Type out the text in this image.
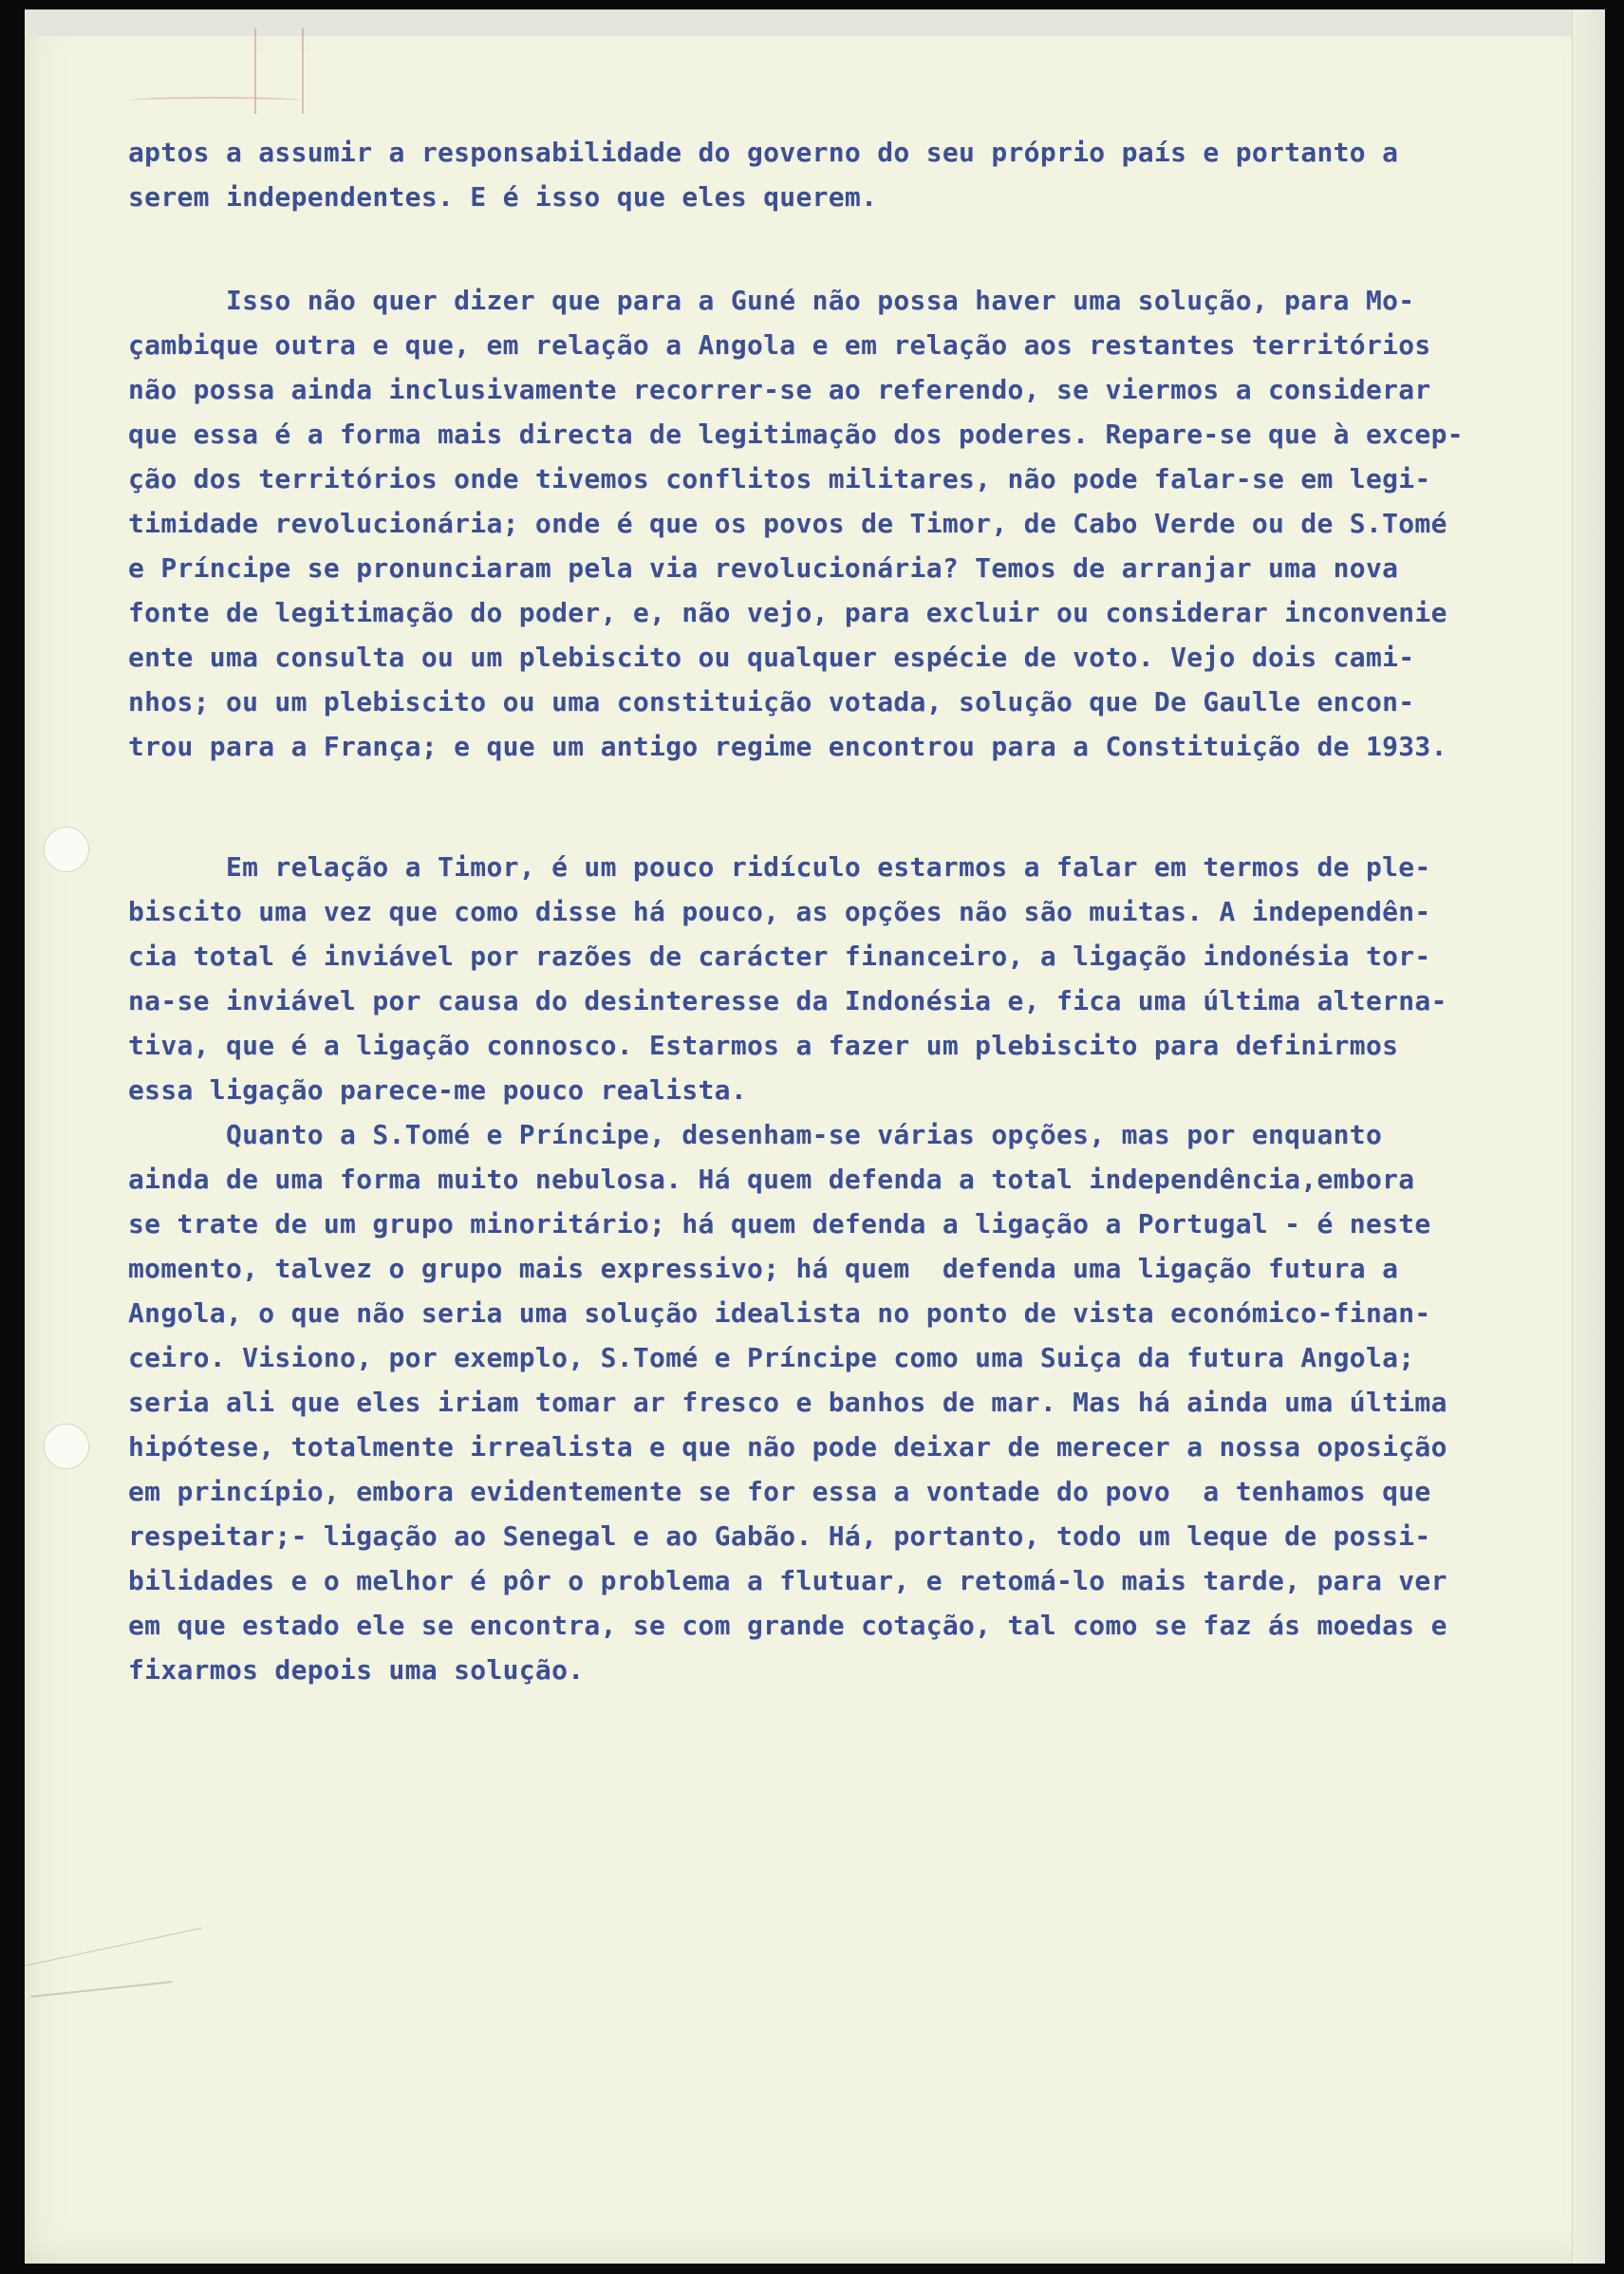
aptos a assumir a responsabilidade do governo do seu próprio país e portanto a
serem independentes. E é isso que eles querem.
Isso não quer dizer que para a Guné não possa haver uma solução, para Mo-
çambique outra e que, em relação a Angola e em relação aos restantes territórios
não possa ainda inclusivamente recorrer-se ao referendo, se viermos a considerar
que essa é a forma mais directa de legitimação dos poderes. Repare-se que à excep-
ção dos territórios onde tivemos conflitos militares, não pode falar-se em legi-
timidade revolucionária; onde é que os povos de Timor, de Cabo Verde ou de S.Tomé
e Príncipe se pronunciaram pela via revolucionária? Temos de arranjar uma nova
fonte de legitimação do poder, e, não vejo, para excluir ou considerar inconvenie
ente uma consulta ou um plebiscito ou qualquer espécie de voto. Vejo dois cami-
nhos; ou um plebiscito ou uma constituição votada, solução que De Gaulle encon-
trou para a França; e que um antigo regime encontrou para a Constituição de 1933.
Em relação a Timor, é um pouco ridículo estarmos a falar em termos de ple-
biscito uma vez que como disse há pouco, as opções não são muitas. A independên-
cia total é inviável por razões de carácter financeiro, a ligação indonésia tor-
na-se inviável por causa do desinteresse da Indonésia e, fica uma última alterna-
tiva, que é a ligação connosco. Estarmos a fazer um plebiscito para definirmos
essa ligação parece-me pouco realista.
Quanto a S.Tomé e Príncipe, desenham-se várias opções, mas por enquanto
ainda de uma forma muito nebulosa. Há quem defenda a total independência,embora
se trate de um grupo minoritário; há quem defenda a ligação a Portugal - é neste
momento, talvez o grupo mais expressivo; há quem  defenda uma ligação futura a
Angola, o que não seria uma solução idealista no ponto de vista económico-finan-
ceiro. Visiono, por exemplo, S.Tomé e Príncipe como uma Suiça da futura Angola;
seria ali que eles iriam tomar ar fresco e banhos de mar. Mas há ainda uma última
hipótese, totalmente irrealista e que não pode deixar de merecer a nossa oposição
em princípio, embora evidentemente se for essa a vontade do povo  a tenhamos que
respeitar;- ligação ao Senegal e ao Gabão. Há, portanto, todo um leque de possi-
bilidades e o melhor é pôr o problema a flutuar, e retomá-lo mais tarde, para ver
em que estado ele se encontra, se com grande cotação, tal como se faz ás moedas e
fixarmos depois uma solução.
